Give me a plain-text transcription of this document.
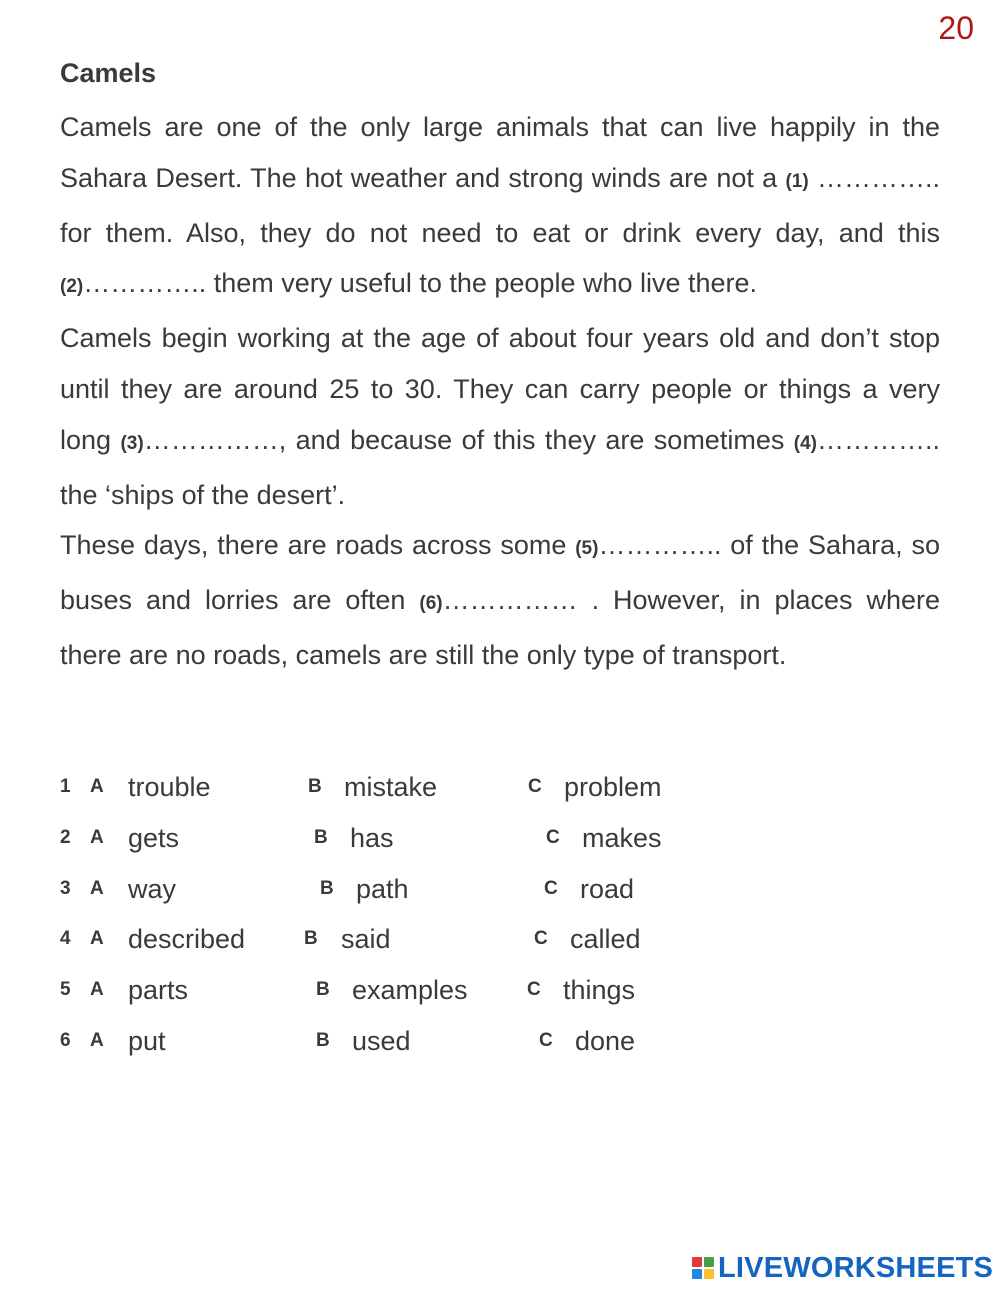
20
Camels

Camels are one of the only large animals that can live happily in the Sahara Desert. The hot weather and strong winds are not a (1) ………….. for them. Also, they do not need to eat or drink every day, and this (2)………….. them very useful to the people who live there.

Camels begin working at the age of about four years old and don’t stop until they are around 25 to 30. They can carry people or things a very long (3)……………, and because of this they are sometimes (4)………….. the ‘ships of the desert’.

These days, there are roads across some (5)………….. of the Sahara, so buses and lorries are often (6)…………… . However, in places where there are no roads, camels are still the only type of transport.

1 A trouble	B mistake	C problem
2 A gets	B has	C makes
3 A way	B path	C road
4 A described	B said	C called
5 A parts	B examples	C things
6 A put	B used	C done
LIVEWORKSHEETS
